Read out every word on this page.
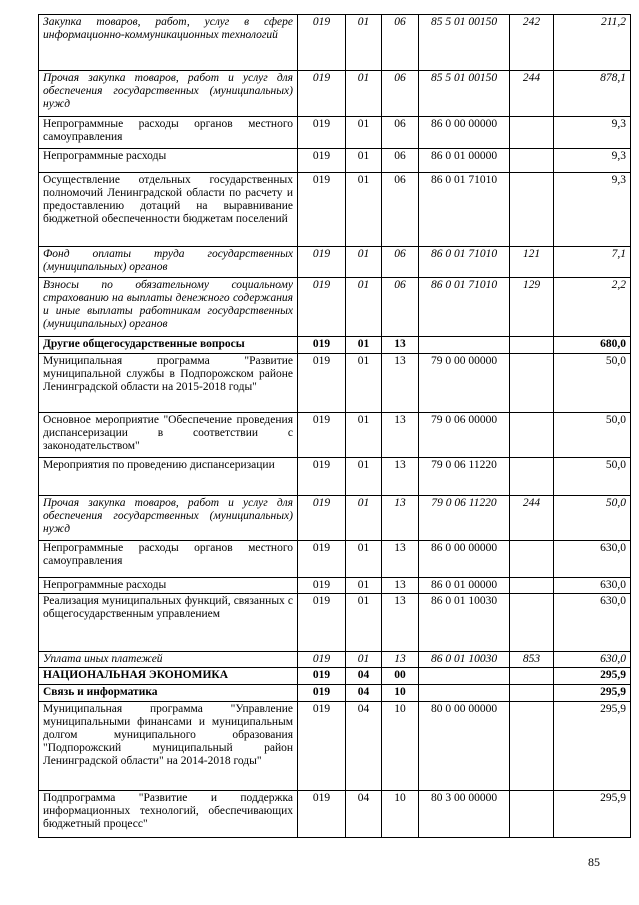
Закупка товаров, работ, услуг в сфере информационно-коммуникационных технологий	019	01	06	85 5 01 00150	242	211,2
Прочая закупка товаров, работ и услуг для обеспечения государственных (муниципальных) нужд	019	01	06	85 5 01 00150	244	878,1
Непрограммные расходы органов местного самоуправления	019	01	06	86 0 00 00000		9,3
Непрограммные расходы	019	01	06	86 0 01 00000		9,3
Осуществление отдельных государственных полномочий Ленинградской области по расчету и предоставлению дотаций на выравнивание бюджетной обеспеченности бюджетам поселений	019	01	06	86 0 01 71010		9,3
Фонд оплаты труда государственных (муниципальных) органов	019	01	06	86 0 01 71010	121	7,1
Взносы по обязательному социальному страхованию на выплаты денежного содержания и иные выплаты работникам государственных (муниципальных) органов	019	01	06	86 0 01 71010	129	2,2
Другие общегосударственные вопросы	019	01	13			680,0
Муниципальная программа "Развитие муниципальной службы в Подпорожском районе Ленинградской области на 2015-2018 годы"	019	01	13	79 0 00 00000		50,0
Основное мероприятие "Обеспечение проведения диспансеризации в соответствии с законодательством"	019	01	13	79 0 06 00000		50,0
Мероприятия по проведению диспансеризации	019	01	13	79 0 06 11220		50,0
Прочая закупка товаров, работ и услуг для обеспечения государственных (муниципальных) нужд	019	01	13	79 0 06 11220	244	50,0
Непрограммные расходы органов местного самоуправления	019	01	13	86 0 00 00000		630,0
Непрограммные расходы	019	01	13	86 0 01 00000		630,0
Реализация муниципальных функций, связанных с общегосударственным управлением	019	01	13	86 0 01 10030		630,0
Уплата иных платежей	019	01	13	86 0 01 10030	853	630,0
НАЦИОНАЛЬНАЯ ЭКОНОМИКА	019	04	00			295,9
Связь и информатика	019	04	10			295,9
Муниципальная программа "Управление муниципальными финансами и муниципальным долгом муниципального образования "Подпорожский муниципальный район Ленинградской области" на 2014-2018 годы"	019	04	10	80 0 00 00000		295,9
Подпрограмма "Развитие и поддержка информационных технологий, обеспечивающих бюджетный процесс"	019	04	10	80 3 00 00000		295,9
85
